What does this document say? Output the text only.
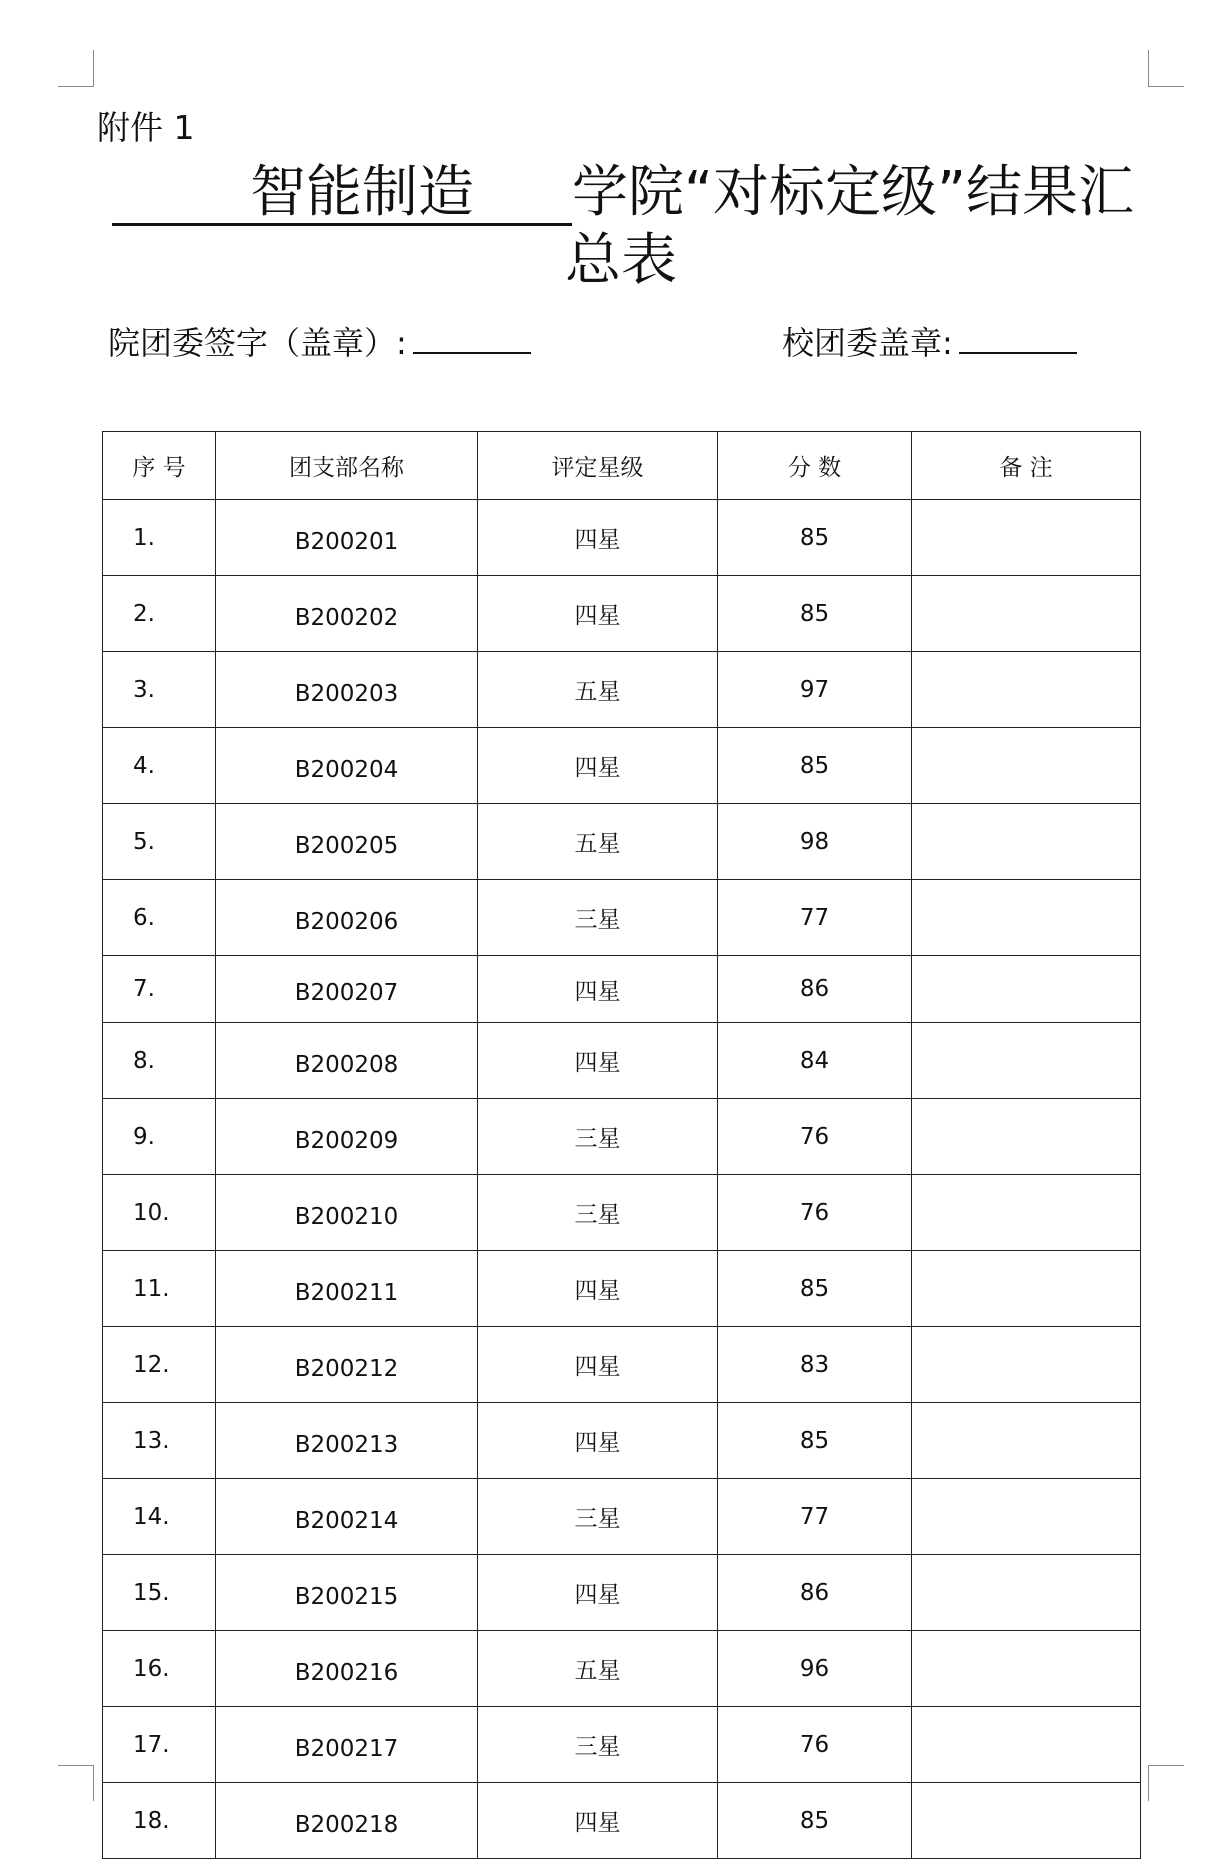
附件 1
智能制造 学院“对标定级”结果汇
总表
院团委签字（盖章）:	校团委盖章:
序 号	团支部名称	评定星级	分 数	备 注
1.	B200201	四星	85	
2.	B200202	四星	85	
3.	B200203	五星	97	
4.	B200204	四星	85	
5.	B200205	五星	98	
6.	B200206	三星	77	
7.	B200207	四星	86	
8.	B200208	四星	84	
9.	B200209	三星	76	
10.	B200210	三星	76	
11.	B200211	四星	85	
12.	B200212	四星	83	
13.	B200213	四星	85	
14.	B200214	三星	77	
15.	B200215	四星	86	
16.	B200216	五星	96	
17.	B200217	三星	76	
18.	B200218	四星	85	
